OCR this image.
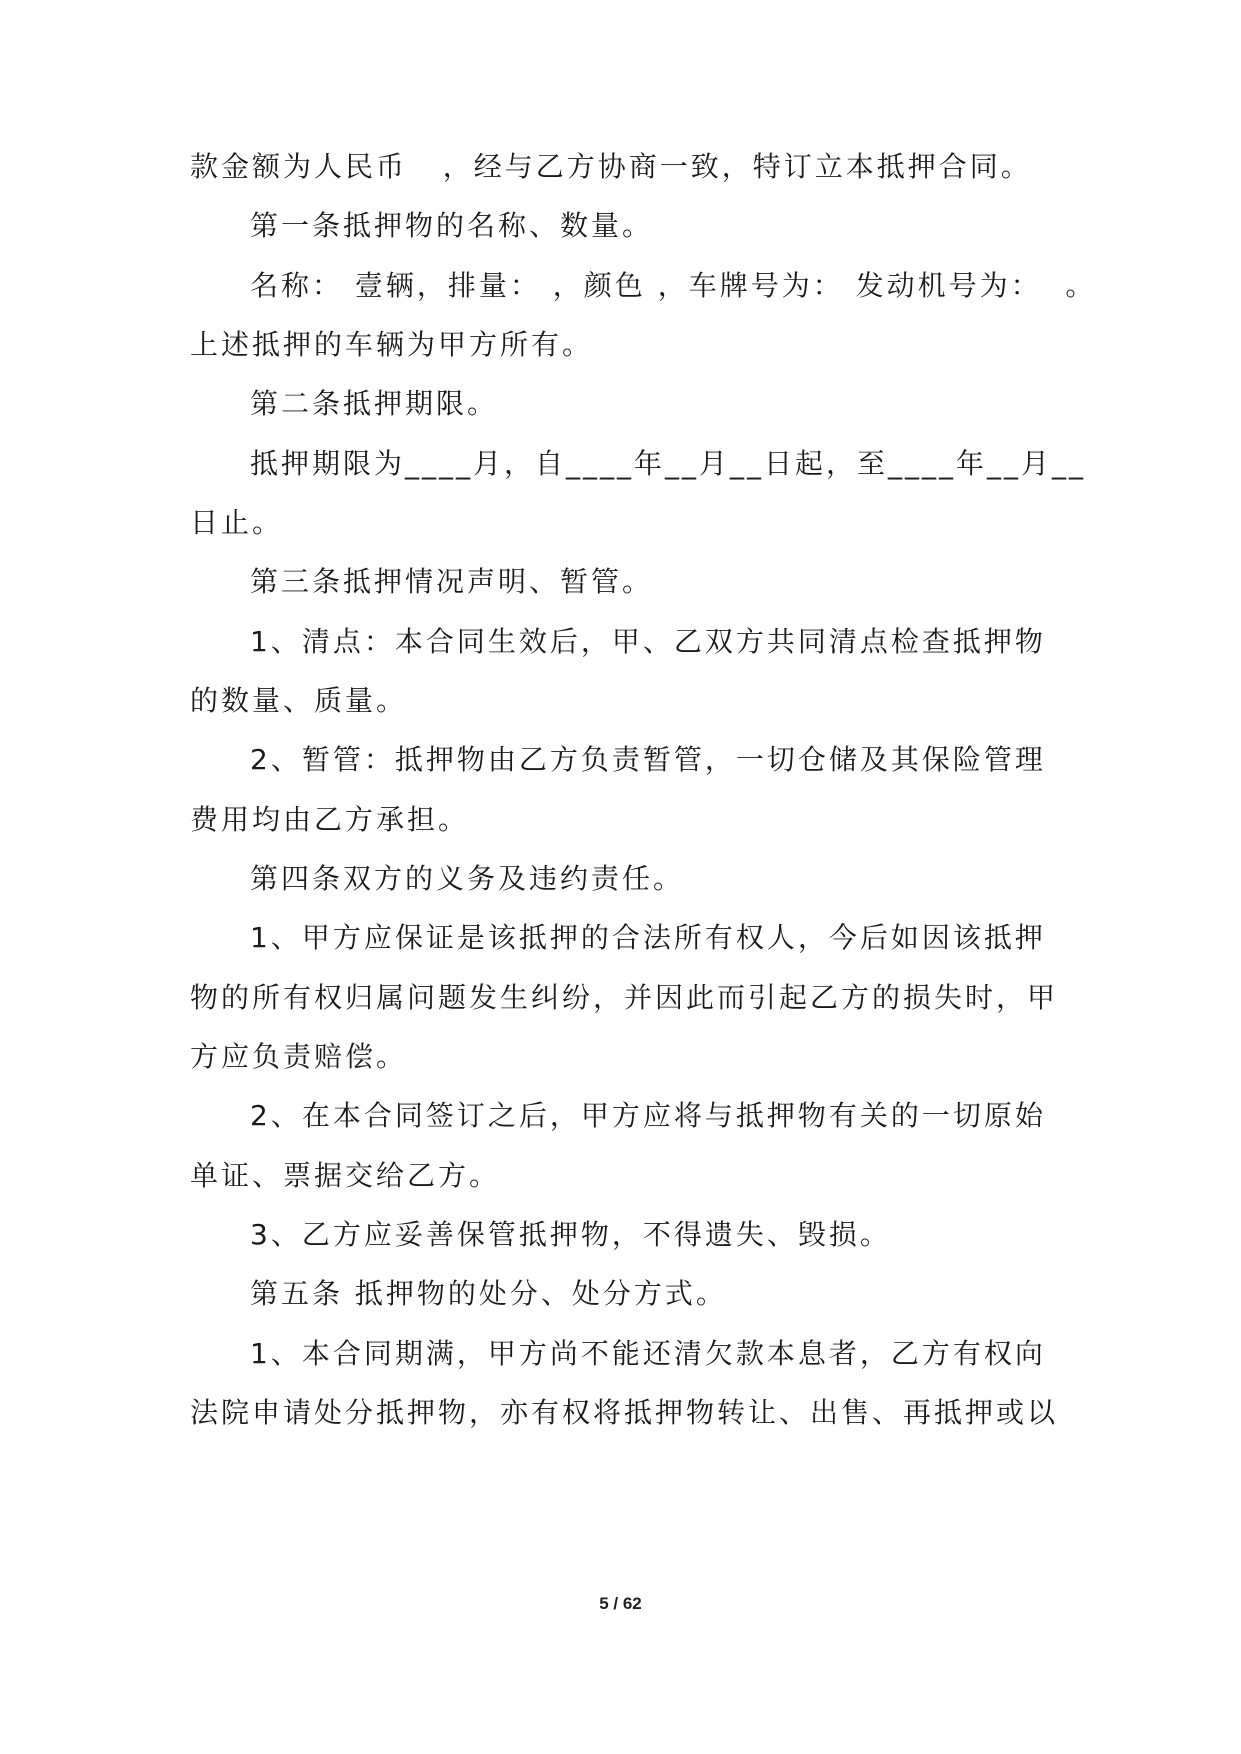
款金额为人民币   ，经与乙方协商一致，特订立本抵押合同。
第一条抵押物的名称、数量。
名称： 壹辆，排量： ，颜色 ，车牌号为： 发动机号为：  。
上述抵押的车辆为甲方所有。
第二条抵押期限。
抵押期限为____月，自____年__月__日起，至____年__月__
日止。
第三条抵押情况声明、暂管。
1、清点：本合同生效后，甲、乙双方共同清点检查抵押物
的数量、质量。
2、暂管：抵押物由乙方负责暂管，一切仓储及其保险管理
费用均由乙方承担。
第四条双方的义务及违约责任。
1、甲方应保证是该抵押的合法所有权人，今后如因该抵押
物的所有权归属问题发生纠纷，并因此而引起乙方的损失时，甲
方应负责赔偿。
2、在本合同签订之后，甲方应将与抵押物有关的一切原始
单证、票据交给乙方。
3、乙方应妥善保管抵押物，不得遗失、毁损。
第五条 抵押物的处分、处分方式。
1、本合同期满，甲方尚不能还清欠款本息者，乙方有权向
法院申请处分抵押物，亦有权将抵押物转让、出售、再抵押或以
5 / 62
